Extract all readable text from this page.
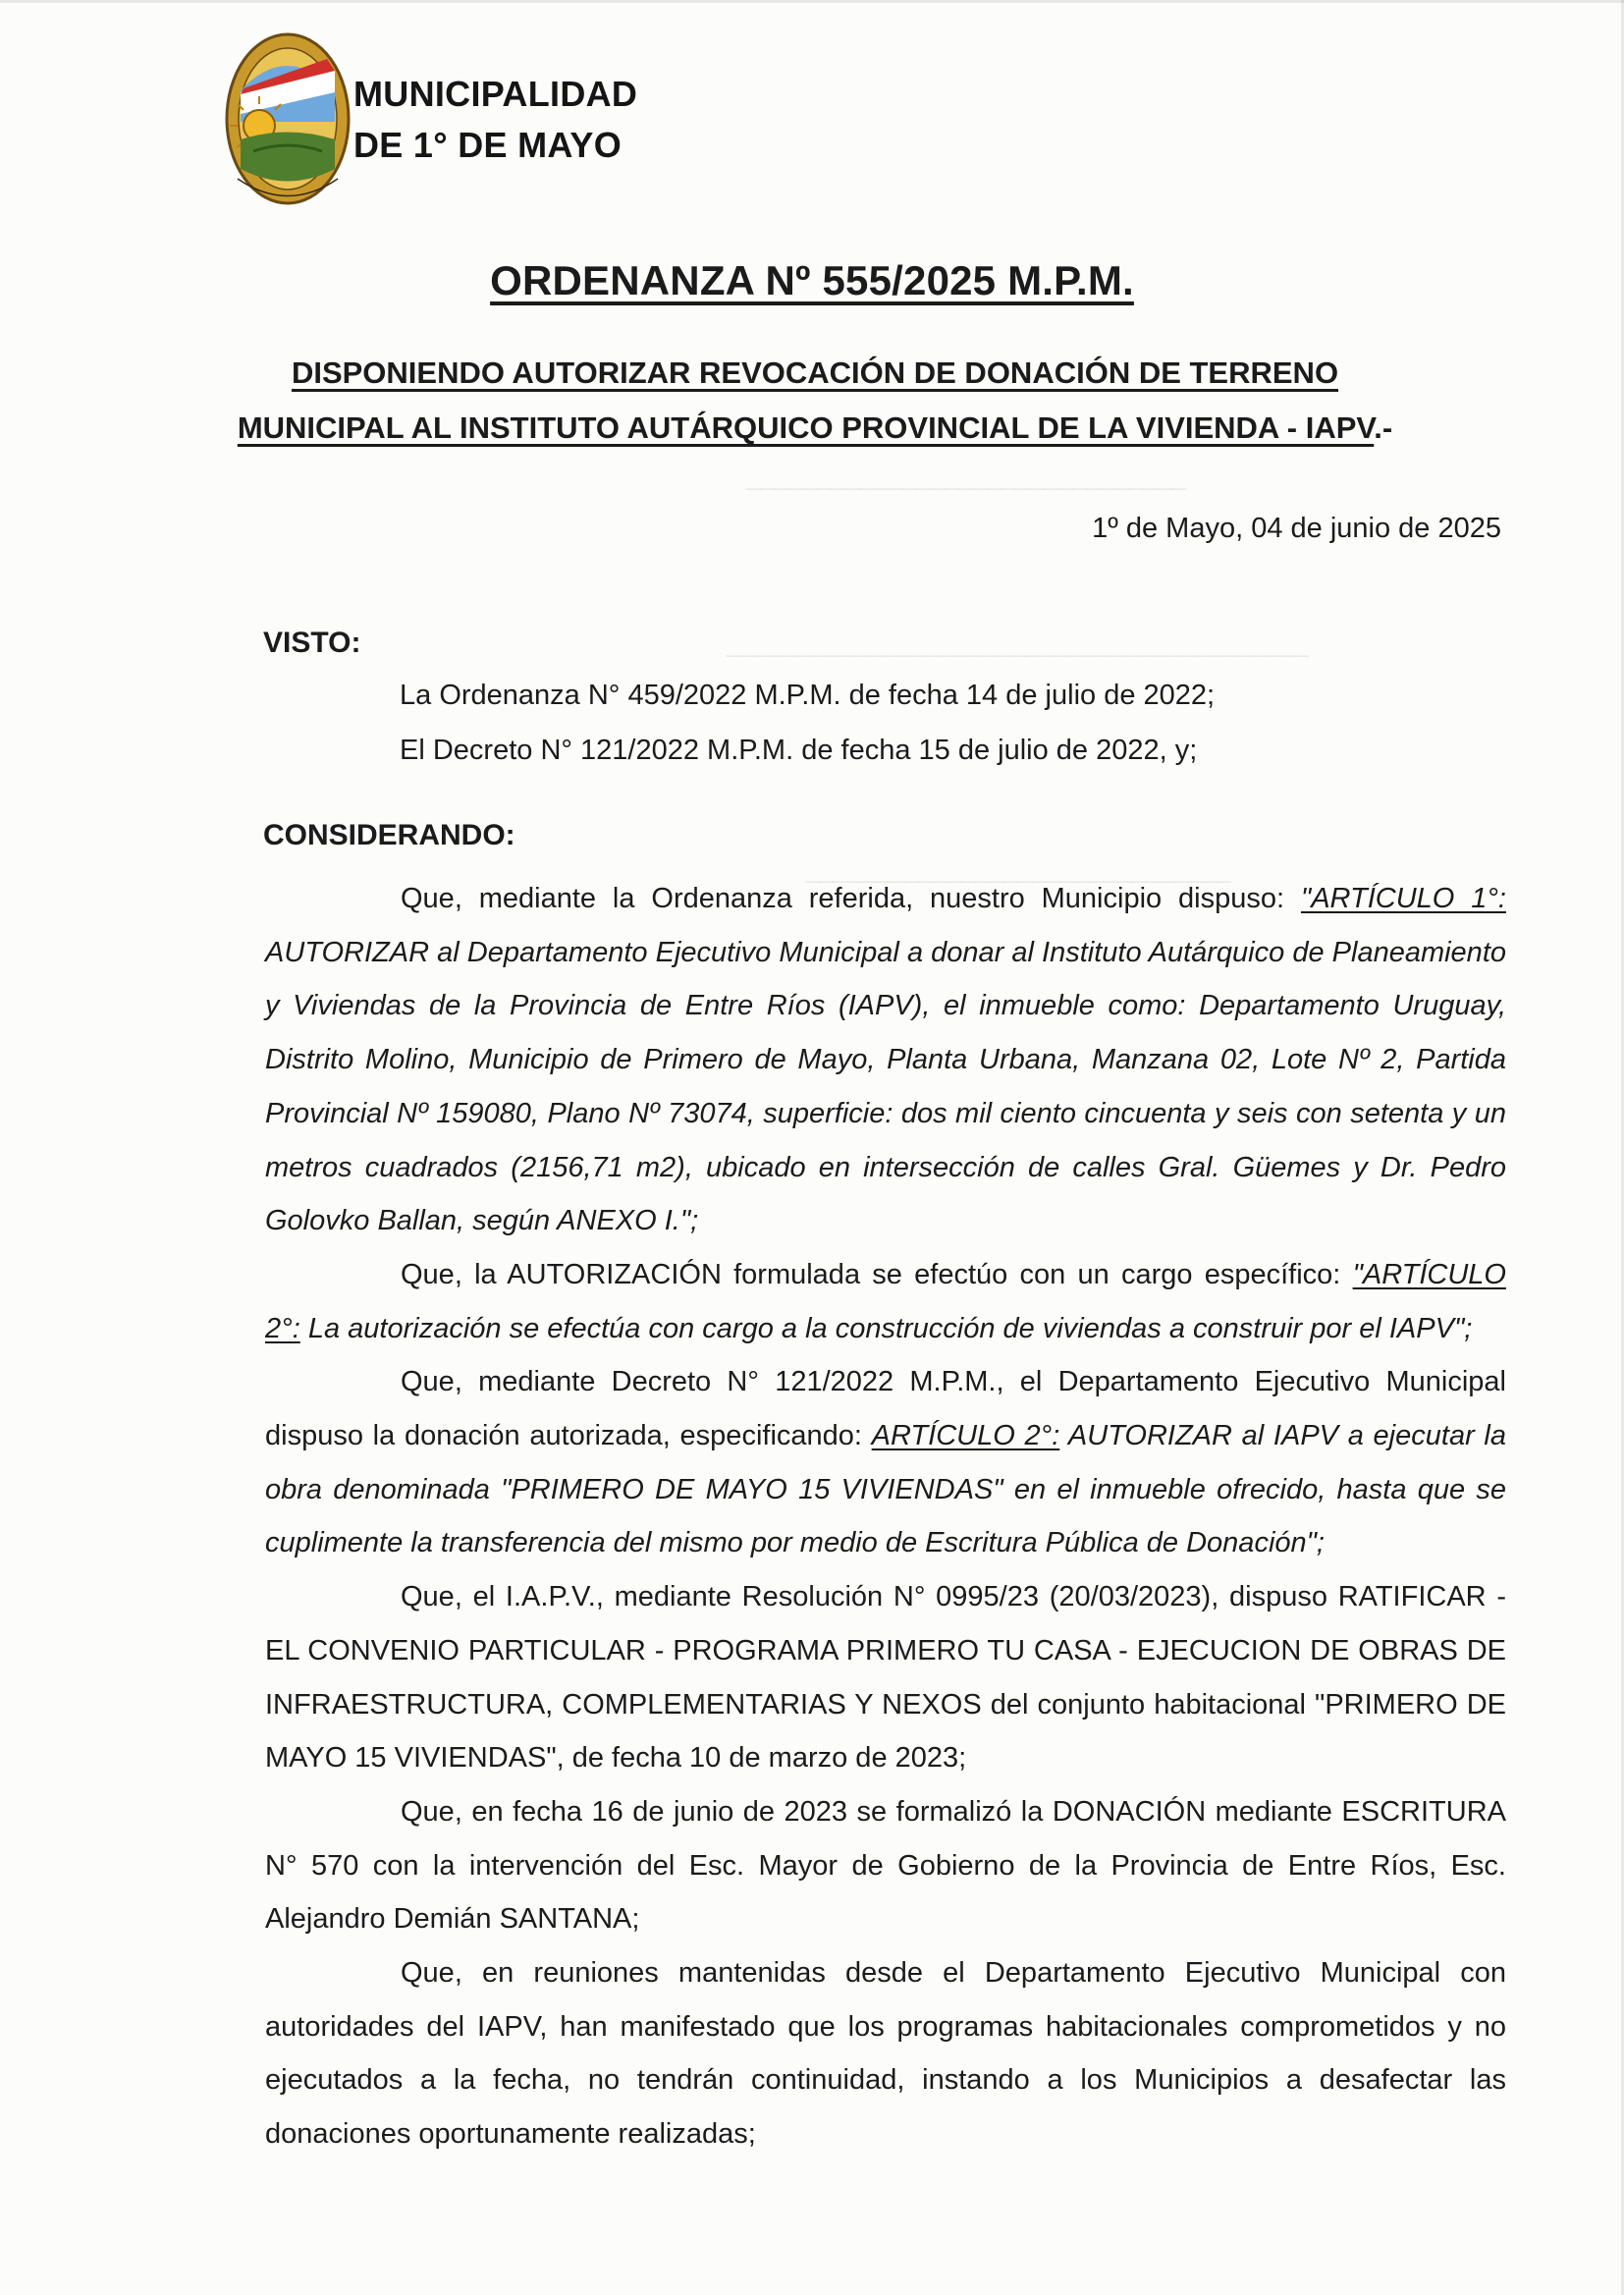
MUNICIPALIDAD
DE 1° DE MAYO
_______________________________
_________________________________________
______________________________
ORDENANZA Nº 555/2025 M.P.M.
DISPONIENDO AUTORIZAR REVOCACIÓN DE DONACIÓN DE TERRENO
MUNICIPAL AL INSTITUTO AUTÁRQUICO PROVINCIAL DE LA VIVIENDA - IAPV.-
1º de Mayo, 04 de junio de 2025
VISTO:
La Ordenanza N° 459/2022 M.P.M. de fecha 14 de julio de 2022;
El Decreto N° 121/2022 M.P.M. de fecha 15 de julio de 2022, y;
CONSIDERANDO:

Que, mediante la Ordenanza referida, nuestro Municipio dispuso: "ARTÍCULO 1°: AUTORIZAR al Departamento Ejecutivo Municipal a donar al Instituto Autárquico de Planeamiento y Viviendas de la Provincia de Entre Ríos (IAPV), el inmueble como: Departamento Uruguay, Distrito Molino, Municipio de Primero de Mayo, Planta Urbana, Manzana 02, Lote Nº 2, Partida Provincial Nº 159080, Plano Nº 73074, superficie: dos mil ciento cincuenta y seis con setenta y un metros cuadrados (2156,71 m2), ubicado en intersección de calles Gral. Güemes y Dr. Pedro Golovko Ballan, según ANEXO I.";

Que, la AUTORIZACIÓN formulada se efectúo con un cargo específico: "ARTÍCULO 2°: La autorización se efectúa con cargo a la construcción de viviendas a construir por el IAPV";

Que, mediante Decreto N° 121/2022 M.P.M., el Departamento Ejecutivo Municipal dispuso la donación autorizada, especificando: ARTÍCULO 2°: AUTORIZAR al IAPV a ejecutar la obra denominada "PRIMERO DE MAYO 15 VIVIENDAS" en el inmueble ofrecido, hasta que se cuplimente la transferencia del mismo por medio de Escritura Pública de Donación";

Que, el I.A.P.V., mediante Resolución N° 0995/23 (20/03/2023), dispuso RATIFICAR - EL CONVENIO PARTICULAR - PROGRAMA PRIMERO TU CASA - EJECUCION DE OBRAS DE INFRAESTRUCTURA, COMPLEMENTARIAS Y NEXOS del conjunto habitacional "PRIMERO DE MAYO 15 VIVIENDAS", de fecha 10 de marzo de 2023;

Que, en fecha 16 de junio de 2023 se formalizó la DONACIÓN mediante ESCRITURA N° 570 con la intervención del Esc. Mayor de Gobierno de la Provincia de Entre Ríos, Esc. Alejandro Demián SANTANA;

Que, en reuniones mantenidas desde el Departamento Ejecutivo Municipal con autoridades del IAPV, han manifestado que los programas habitacionales comprometidos y no ejecutados a la fecha, no tendrán continuidad, instando a los Municipios a desafectar las donaciones oportunamente realizadas;
